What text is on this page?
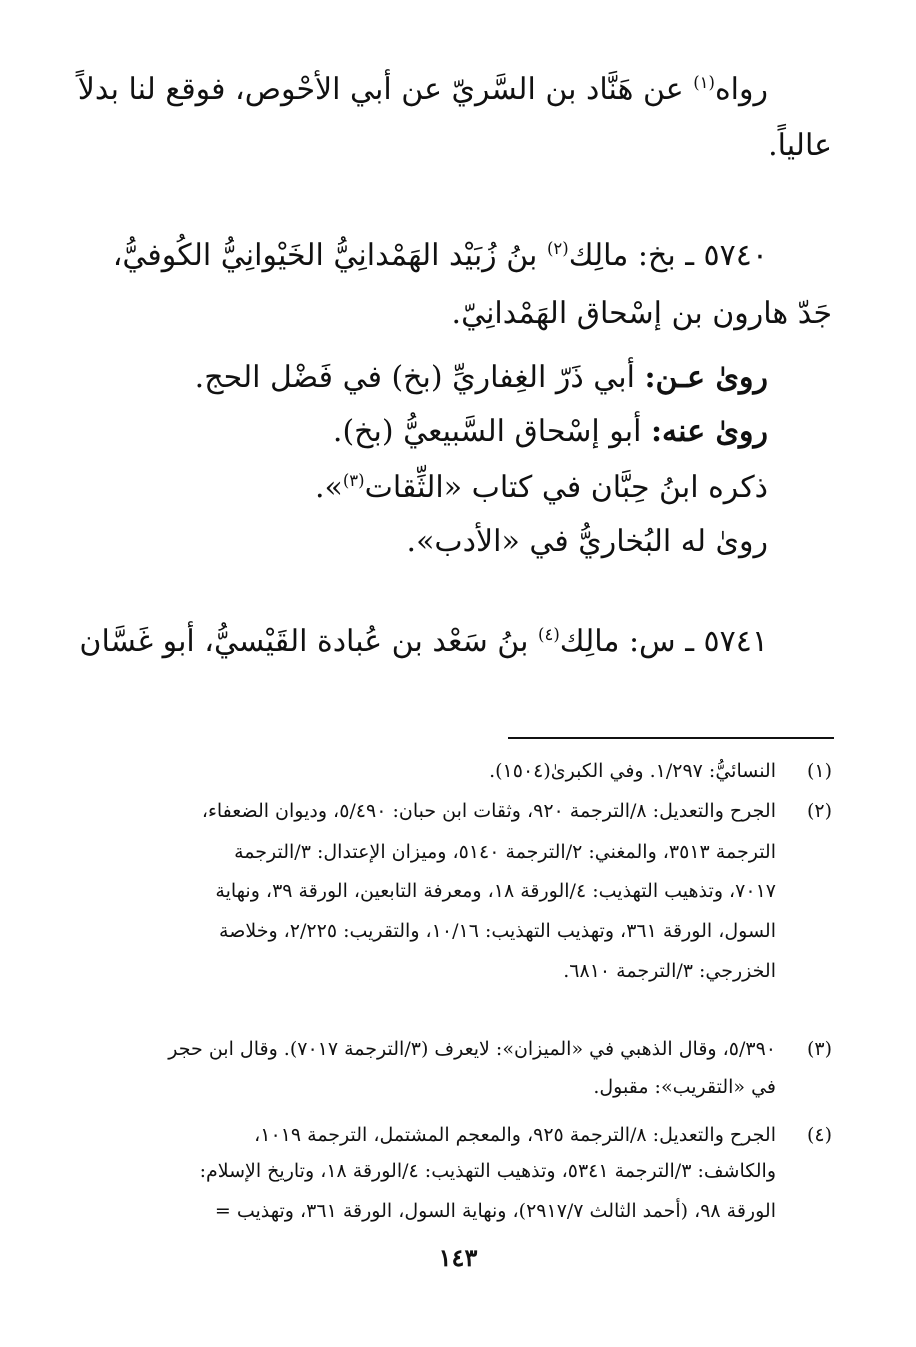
رواه$^{(١)}$ عن هَنَّاد بن السَّريّ عن أبي الأحْوص، فوقع لنا بدلاً
عالياً.
٥٧٤٠ ـ بخ: مالِك$^{(٢)}$ بنُ زُبَيْد الهَمْدانِيُّ الخَيْوانِيُّ الكُوفيُّ،
جَدّ هارون بن إسْحاق الهَمْدانِيّ.
روىٰ عـن: أبي ذَرّ الغِفاريِّ (بخ) في فَضْل الحج.
روىٰ عنه: أبو إسْحاق السَّبيعيُّ (بخ).
ذكره ابنُ حِبَّان في كتاب «الثِّقات$^{(٣)}$».
روىٰ له البُخاريُّ في «الأدب».
٥٧٤١ ـ س: مالِك$^{(٤)}$ بنُ سَعْد بن عُبادة القَيْسيُّ، أبو غَسَّان
(١)
النسائيُّ: ١/٢٩٧. وفي الكبرىٰ(١٥٠٤).
(٢)
الجرح والتعديل: ٨/الترجمة ٩٢٠، وثقات ابن حبان: ٥/٤٩٠، وديوان الضعفاء،
الترجمة ٣٥١٣، والمغني: ٢/الترجمة ٥١٤٠، وميزان الإعتدال: ٣/الترجمة
٧٠١٧، وتذهيب التهذيب: ٤/الورقة ١٨، ومعرفة التابعين، الورقة ٣٩، ونهاية
السول، الورقة ٣٦١، وتهذيب التهذيب: ١٠/١٦، والتقريب: ٢/٢٢٥، وخلاصة
الخزرجي: ٣/الترجمة ٦٨١٠.
(٣)
٥/٣٩٠، وقال الذهبي في «الميزان»: لايعرف (٣/الترجمة ٧٠١٧). وقال ابن حجر
في «التقريب»: مقبول.
(٤)
الجرح والتعديل: ٨/الترجمة ٩٢٥، والمعجم المشتمل، الترجمة ١٠١٩،
والكاشف: ٣/الترجمة ٥٣٤١، وتذهيب التهذيب: ٤/الورقة ١٨، وتاريخ الإسلام:
الورقة ٩٨، (أحمد الثالث ٢٩١٧/٧)، ونهاية السول، الورقة ٣٦١، وتهذيب =
١٤٣
